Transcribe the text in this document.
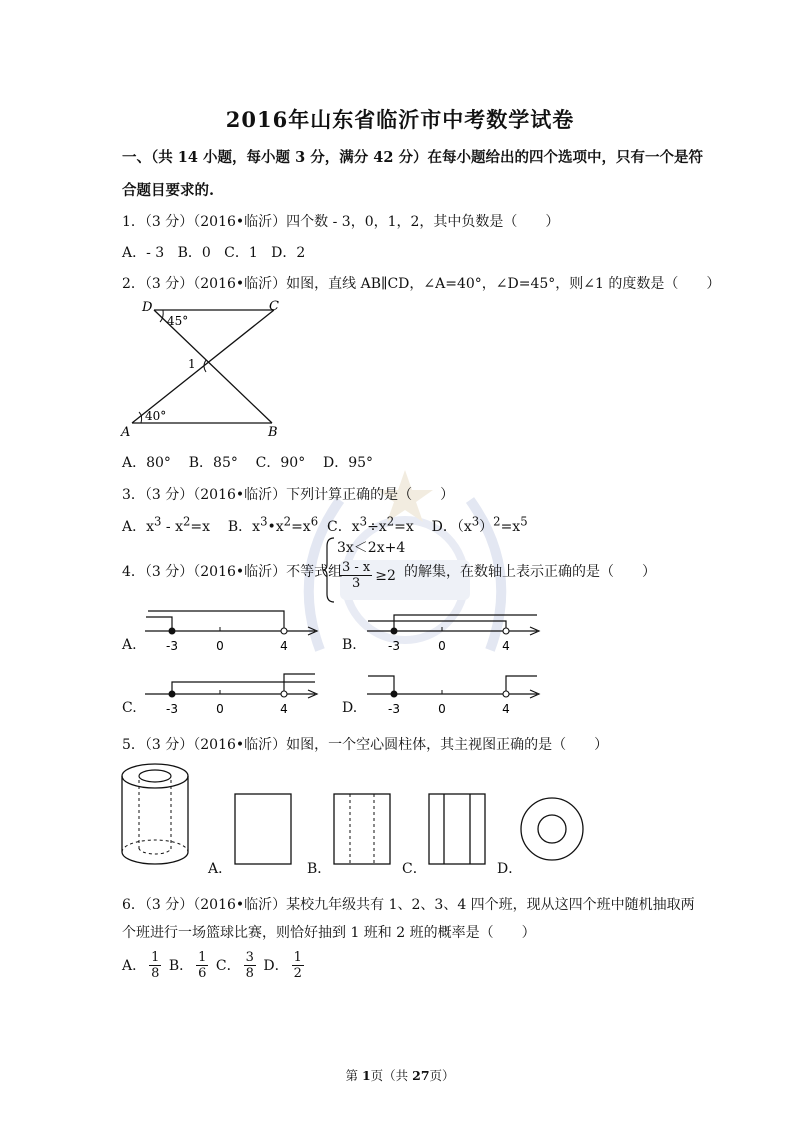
2016年山东省临沂市中考数学试卷
一、（共 14 小题，每小题 3 分，满分 42 分）在每小题给出的四个选项中，只有一个是符
合题目要求的.
1．（3 分）（2016•临沂）四个数 - 3，0，1，2，其中负数是（　　）
A．- 3 B．0 C．1 D．2
2．（3 分）（2016•临沂）如图，直线 AB∥CD，∠A=40°，∠D=45°，则∠1 的度数是（　　）
D	C
A	B
45°
40°
1
A．80° B．85° C．90° D．95°
3．（3 分）（2016•临沂）下列计算正确的是（　　）
A．$x^3 - x^2=x$ B．$x^3•x^2=x^6$ C．$x^3\div x^2=x$ D．$(x^3)^2=x^5$
4．（3 分）（2016•临沂）不等式组
3x＜2x+4
$\frac{3 - x}{3} \ge 2$ 的解集，在数轴上表示正确的是（　　）
A. -3	0	4	B.	-3	0	4
C. -3	0	4	D.	-3	0	4
5．（3 分）（2016•临沂）如图，一个空心圆柱体，其主视图正确的是（　　）
A．	B．	C．	D．
6．（3 分）（2016•临沂）某校九年级共有 1、2、3、4 四个班，现从这四个班中随机抽取两
个班进行一场篮球比赛，则恰好抽到 1 班和 2 班的概率是（　　）
A． $\frac{1}{8}$ B． $\frac{1}{6}$ C． $\frac{3}{8}$ D． $\frac{1}{2}$
第 1页（共 27页）
